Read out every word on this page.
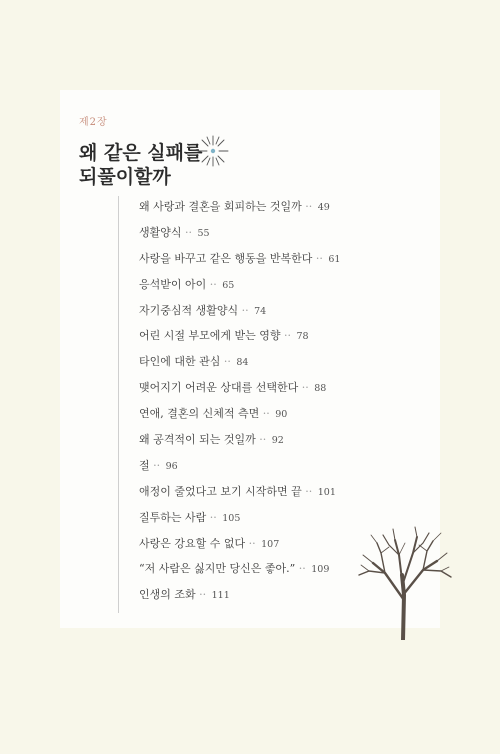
제2장
왜 같은 실패를
되풀이할까
왜 사랑과 결혼을 회피하는 것일까 ·· 49
생활양식 ·· 55
사랑을 바꾸고 같은 행동을 반복한다 ·· 61
응석받이 아이 ·· 65
자기중심적 생활양식 ·· 74
어린 시절 부모에게 받는 영향 ·· 78
타인에 대한 관심 ·· 84
맺어지기 어려운 상대를 선택한다 ·· 88
연애, 결혼의 신체적 측면 ·· 90
왜 공격적이 되는 것일까 ·· 92
절 ·· 96
애정이 줄었다고 보기 시작하면 끝 ·· 101
질투하는 사람 ·· 105
사랑은 강요할 수 없다 ·· 107
“저 사람은 싫지만 당신은 좋아.” ·· 109
인생의 조화 ·· 111
